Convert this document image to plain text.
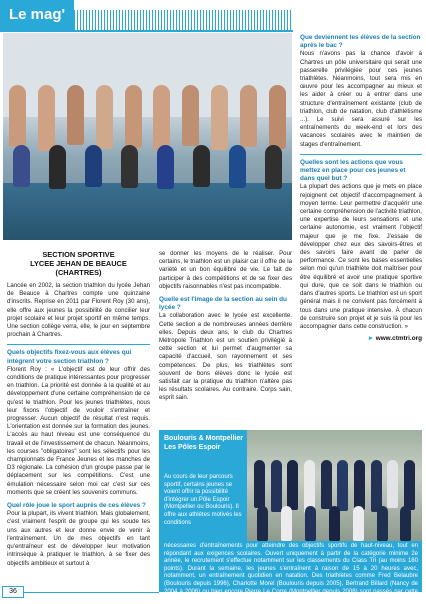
Le mag'
SECTION SPORTIVE
LYCEE JEHAN DE BEAUCE (CHARTRES)

Lancée en 2002, la section triathlon du lycée Jehan de Beauce à Chartres compte une quinzaine d'inscrits. Reprise en 2011 par Florent Roy (30 ans), elle offre aux jeunes la possibilité de concilier leur projet scolaire et leur projet sportif en même temps. Une section collège verra, elle, le jour en septembre prochain à Chartres.

Quels objectifs fixez-vous aux élèves qui intègrent votre section triathlon ?

Florent Roy : « L'objectif est de leur offrir des conditions de pratique intéressantes pour progresser en triathlon. La priorité est donnée à la qualité et au développement d'une certaine compréhension de ce qu'est le triathlon. Pour les jeunes triathlètes, nous leur fixons l'objectif de vouloir s'entraîner et progresser. Aucun objectif de résultat n'est requis. L'orientation est donnée sur la formation des jeunes. L'accès au haut niveau est une conséquence du travail et de l'investissement de chacun. Néanmoins, les courses "obligatoires" sont les sélectifs pour les championnats de France Jeunes et les manches de D3 régionale. La cohésion d'un groupe passe par le déplacement sur les compétitions. C'est une émulation nécessaire selon moi car c'est sur ces moments que se créent les souvenirs communs.

Quel rôle joue le sport auprès de ces élèves ?

Pour la plupart, ils vivent triathlon. Mais globalement, c'est vraiment l'esprit de groupe qui les soude tes uns aux autres et leur donne envie de venir à l'entraînement. Un de mes objectifs en tant qu'entraîneur est de développer leur motivation intrinsèque à pratiquer le triathlon, à se fixer des objectifs ambitieux et surtout à

se donner les moyens de le réaliser. Pour certains, le triathlon est un plaisir car il offre de la variété et un bon équilibre de vie. Le fait de participer à des compétitions et de se fixer des objectifs raisonnables n'est pas incompatible.

Quelle est l'image de la section au sein du lycée ?

La collaboration avec le lycée est excellente. Cette section a de nombreuses années derrière elles. Depuis deux ans, le club du Chartres Métropole Triathlon est un soutien privilégié à cette section et lui permet d'augmenter sa capacité d'accueil, son rayonnement et ses compétences. De plus, les triathlètes sont souvent de bons élèves donc le lycée est satisfait car la pratique du triathlon n'altère pas les résultats scolaires. Au contraire. Corps sain, esprit sain.

Que deviennent les élèves de la section après le bac ?

Nous n'avons pas la chance d'avoir à Chartres un pôle universitaire qui serait une passerelle privilégiée pour ces jeunes triathlètes. Néanmoins, tout sera mis en œuvre pour les accompagner au mieux et les aider à créer ou à entrer dans une structure d'entraînement existante (club de triathlon, club de natation, club d'athlétisme ...). Le suivi sera assuré sur les entraînements du week-end et lors des vacances scolaires avec le maintien de stages d'entraînement.

Quelles sont les actions que vous mettez en place pour ces jeunes et dans quel but ?

La plupart des actions que je mets en place rejoignent cet objectif d'accompagnement à moyen terme. Leur permettre d'acquérir une certaine compréhension de l'activité triathlon, une expertise de leurs sensations et une certaine autonomie, est vraiment l'objectif majeur que je me fixe. J'essaie de développer chez eux des savoirs-êtres et des savoirs faire avant de parler de performance. Ce sont les bases essentielles selon moi qu'un triathlète doit maîtriser pour être équilibré et avoir une pratique sportive qui dure, que ce soit dans le triathlon ou dans d'autres sports. Le triathlon est un sport général mais il ne convient pas forcément à tous dans une pratique intensive. À chacun de construire son projet et je suis là pour les accompagner dans cette construction. »

► www.ctmtri.org
Boulouris & Montpellier Les Pôles Espoir
Au cours de leur parcours sportif, certains jeunes se voient offrir la possibilité d'intégrer un Pôle Espoir (Montpellier ou Boulouris). Il offre aux athlètes motivés les conditions
nécessaires d'entraînements pour atteindre des objectifs sportifs de haut-niveau, tout en répondant aux exigences scolaires. Ouvert uniquement à partir de la catégorie minime 2e année, le recrutement s'effectue notamment sur les classements du Class Tri (au moins 180 points). Durant la semaine, les jeunes s'entraînent à raison de 15 à 20 heures avec, notamment, un entraînement quotidien en natation. Des triathlètes comme Fred Belaubre (Boulouris depuis 1996), Charlotte Morel (Boulouris depuis 2005), Bertrand Billard (Nancy de 2004 à 2006) ou bien encore Pierre Le Corre (Montpellier depuis 2008) sont passés par cette structure fédérale d'excellence. ■
36
